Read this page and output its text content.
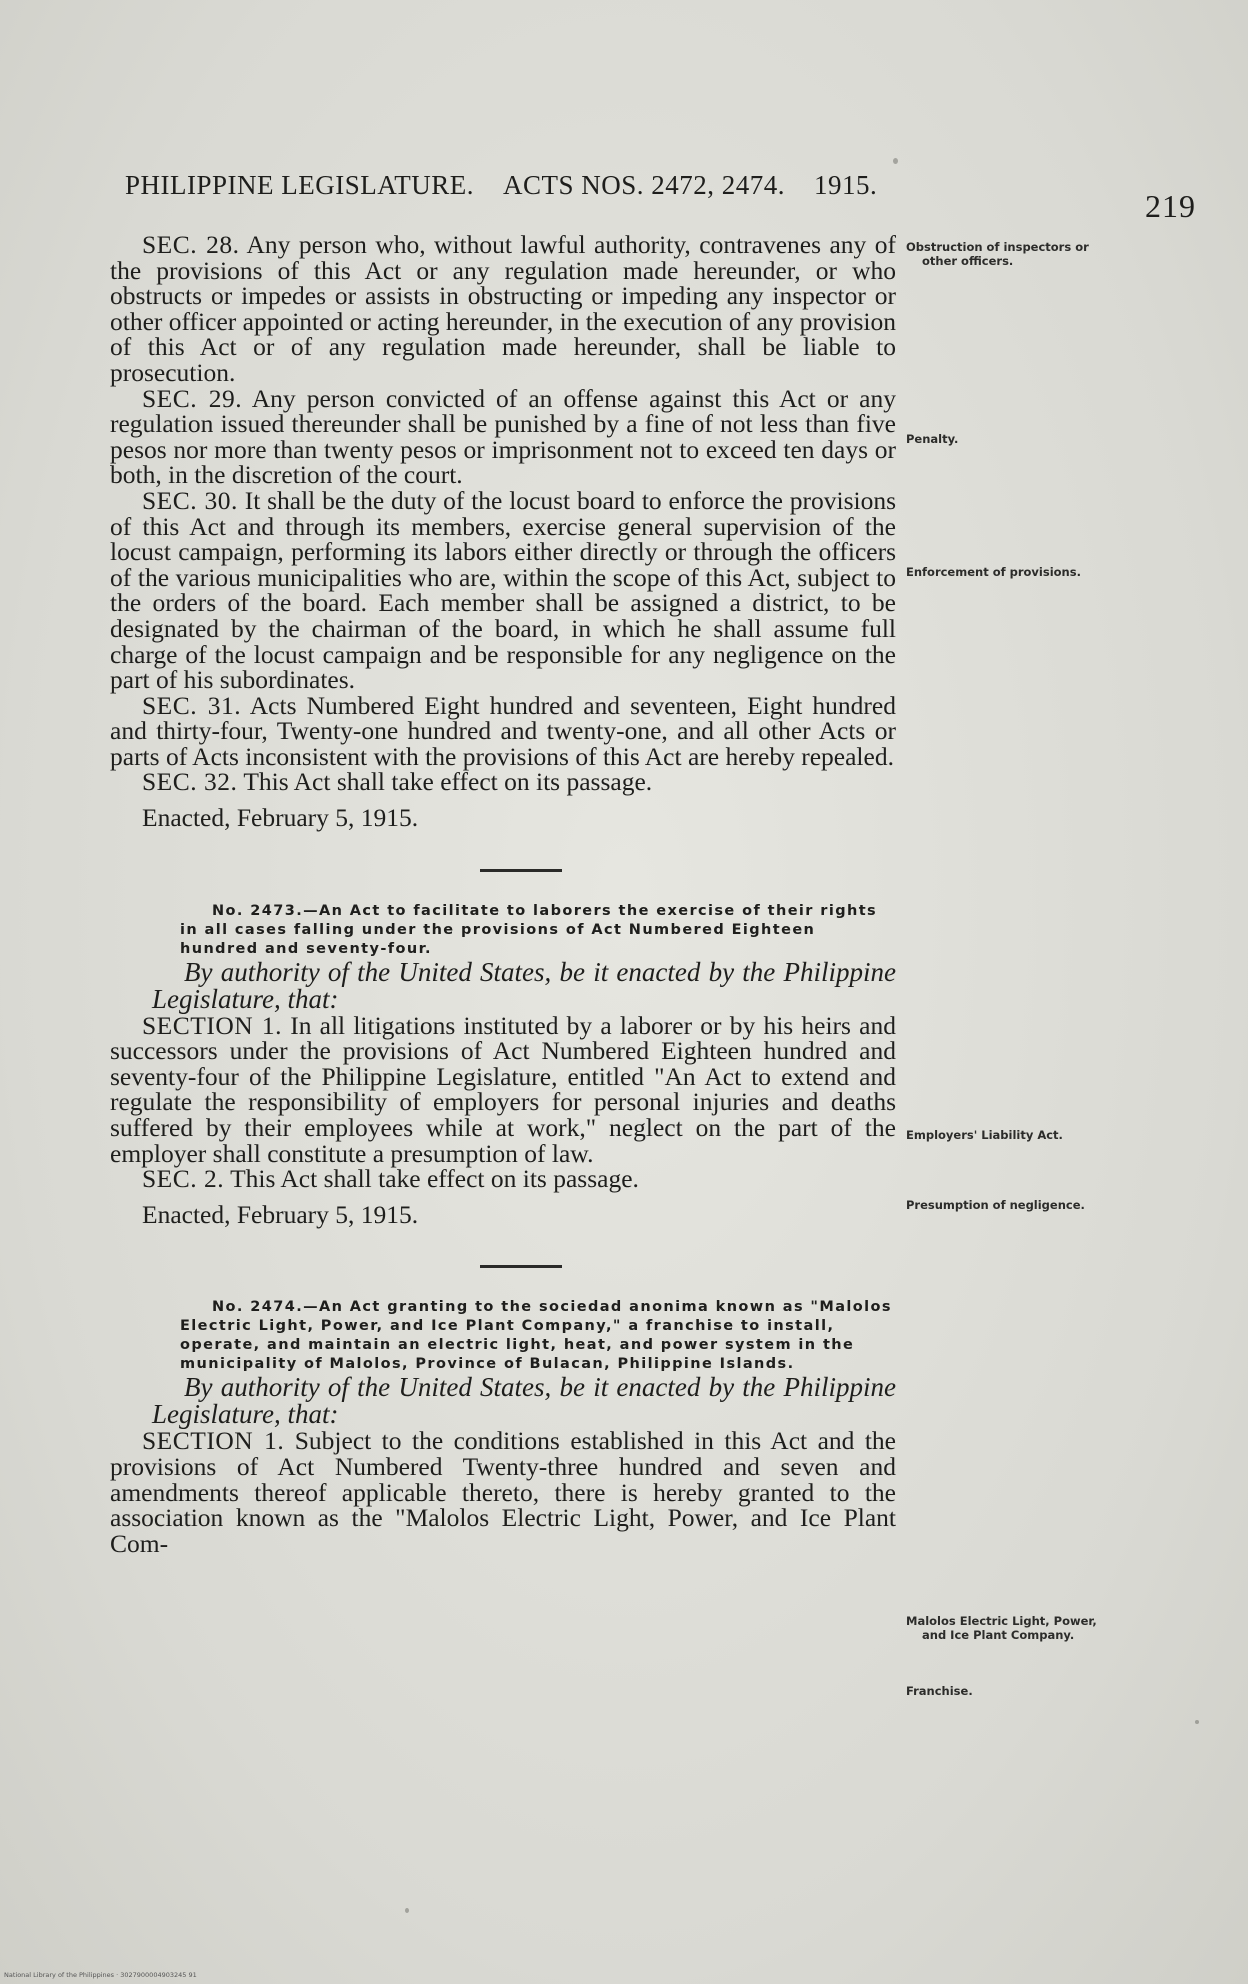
PHILIPPINE LEGISLATURE. ACTS NOS. 2472, 2474. 1915.
219

SEC. 28. Any person who, without lawful authority, contravenes any of the provisions of this Act or any regulation made hereunder, or who obstructs or impedes or assists in obstructing or impeding any inspector or other officer appointed or acting hereunder, in the execution of any provision of this Act or of any regulation made hereunder, shall be liable to prosecution.

SEC. 29. Any person convicted of an offense against this Act or any regulation issued thereunder shall be punished by a fine of not less than five pesos nor more than twenty pesos or imprisonment not to exceed ten days or both, in the discretion of the court.

SEC. 30. It shall be the duty of the locust board to enforce the provisions of this Act and through its members, exercise general supervision of the locust campaign, performing its labors either directly or through the officers of the various municipalities who are, within the scope of this Act, subject to the orders of the board. Each member shall be assigned a district, to be designated by the chairman of the board, in which he shall assume full charge of the locust campaign and be responsible for any negligence on the part of his subordinates.

SEC. 31. Acts Numbered Eight hundred and seventeen, Eight hundred and thirty-four, Twenty-one hundred and twenty-one, and all other Acts or parts of Acts inconsistent with the provisions of this Act are hereby repealed.

SEC. 32. This Act shall take effect on its passage.

Enacted, February 5, 1915.

No. 2473.—An Act to facilitate to laborers the exercise of their rights in all cases falling under the provisions of Act Numbered Eighteen hundred and seventy-four.

By authority of the United States, be it enacted by the Philippine Legislature, that:

SECTION 1. In all litigations instituted by a laborer or by his heirs and successors under the provisions of Act Numbered Eighteen hundred and seventy-four of the Philippine Legislature, entitled "An Act to extend and regulate the responsibility of employers for personal injuries and deaths suffered by their employees while at work," neglect on the part of the employer shall constitute a presumption of law.

SEC. 2. This Act shall take effect on its passage.

Enacted, February 5, 1915.

No. 2474.—An Act granting to the sociedad anonima known as "Malolos Electric Light, Power, and Ice Plant Company," a franchise to install, operate, and maintain an electric light, heat, and power system in the municipality of Malolos, Province of Bulacan, Philippine Islands.

By authority of the United States, be it enacted by the Philippine Legislature, that:

SECTION 1. Subject to the conditions established in this Act and the provisions of Act Numbered Twenty-three hundred and seven and amendments thereof applicable thereto, there is hereby granted to the association known as the "Malolos Electric Light, Power, and Ice Plant Com-

Obstruction of inspectors or other officers.
Penalty.
Enforcement of provisions.
Employers' Liability Act.
Presumption of negligence.
Malolos Electric Light, Power, and Ice Plant Company.
Franchise.
National Library of the Philippines · 3027900004903245 91
